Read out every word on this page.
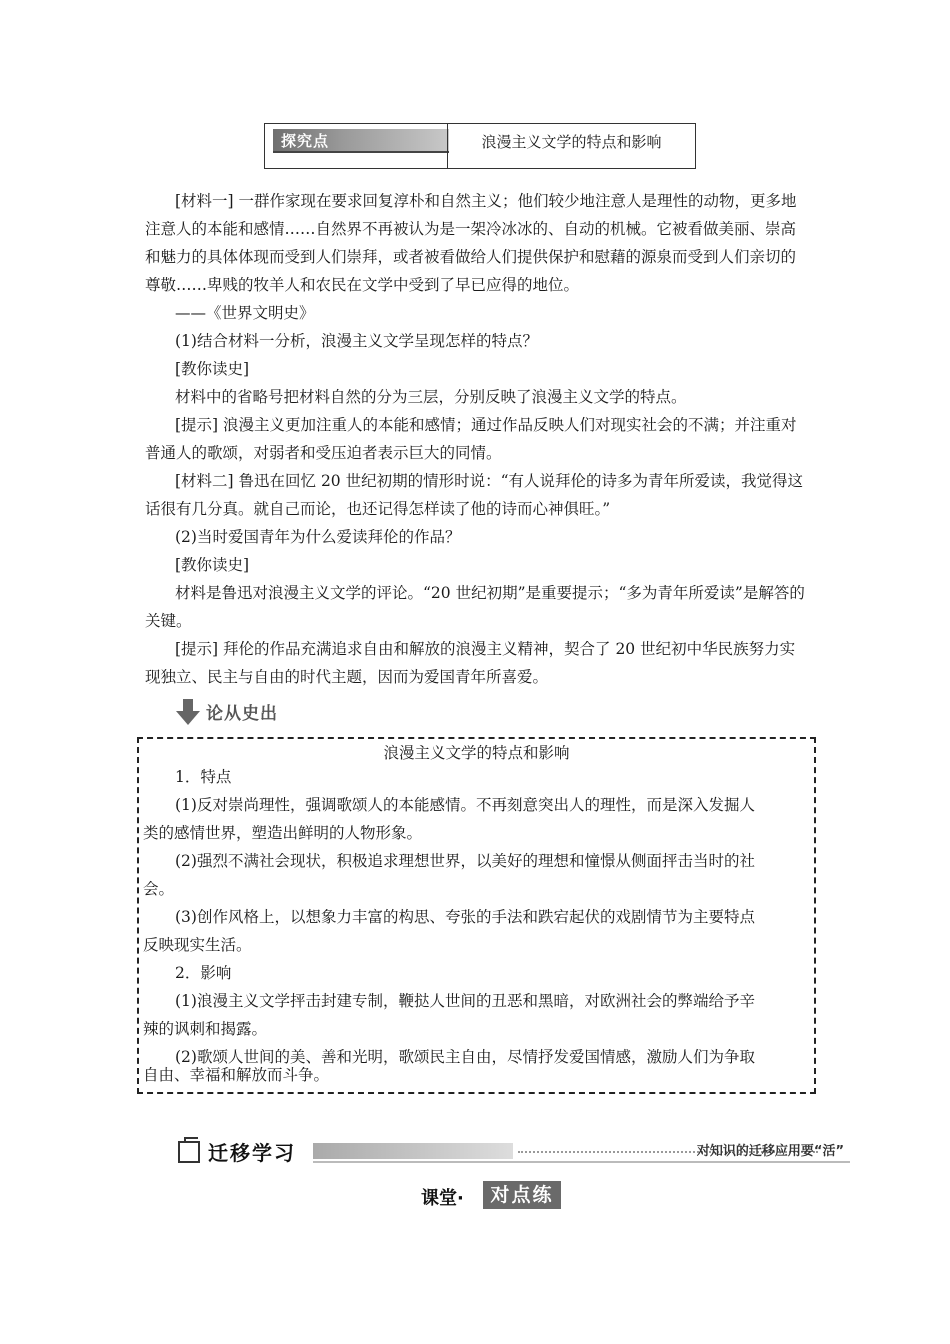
探究点	浪漫主义文学的特点和影响

[材料一] 一群作家现在要求回复淳朴和自然主义；他们较少地注意人是理性的动物，更多地注意人的本能和感情……自然界不再被认为是一架冷冰冰的、自动的机械。它被看做美丽、崇高和魅力的具体体现而受到人们崇拜，或者被看做给人们提供保护和慰藉的源泉而受到人们亲切的尊敬……卑贱的牧羊人和农民在文学中受到了早已应得的地位。

——《世界文明史》
(1)结合材料一分析，浪漫主义文学呈现怎样的特点？
[教你读史]
材料中的省略号把材料自然的分为三层，分别反映了浪漫主义文学的特点。

[提示] 浪漫主义更加注重人的本能和感情；通过作品反映人们对现实社会的不满；并注重对普通人的歌颂，对弱者和受压迫者表示巨大的同情。

[材料二] 鲁迅在回忆 20 世纪初期的情形时说：“有人说拜伦的诗多为青年所爱读，我觉得这话很有几分真。就自己而论，也还记得怎样读了他的诗而心神俱旺。”

(2)当时爱国青年为什么爱读拜伦的作品？
[教你读史]

材料是鲁迅对浪漫主义文学的评论。“20 世纪初期”是重要提示；“多为青年所爱读”是解答的关键。

[提示] 拜伦的作品充满追求自由和解放的浪漫主义精神，契合了 20 世纪初中华民族努力实现独立、民主与自由的时代主题，因而为爱国青年所喜爱。

论从史出
浪漫主义文学的特点和影响
1．特点
(1)反对崇尚理性，强调歌颂人的本能感情。不再刻意突出人的理性，而是深入发掘人
类的感情世界，塑造出鲜明的人物形象。
(2)强烈不满社会现状，积极追求理想世界，以美好的理想和憧憬从侧面抨击当时的社
会。
(3)创作风格上，以想象力丰富的构思、夸张的手法和跌宕起伏的戏剧情节为主要特点
反映现实生活。
2．影响
(1)浪漫主义文学抨击封建专制，鞭挞人世间的丑恶和黑暗，对欧洲社会的弊端给予辛
辣的讽刺和揭露。
(2)歌颂人世间的美、善和光明，歌颂民主自由，尽情抒发爱国情感，激励人们为争取
自由、幸福和解放而斗争。
迁移学习	对知识的迁移应用要“活”
课堂·	对点练
